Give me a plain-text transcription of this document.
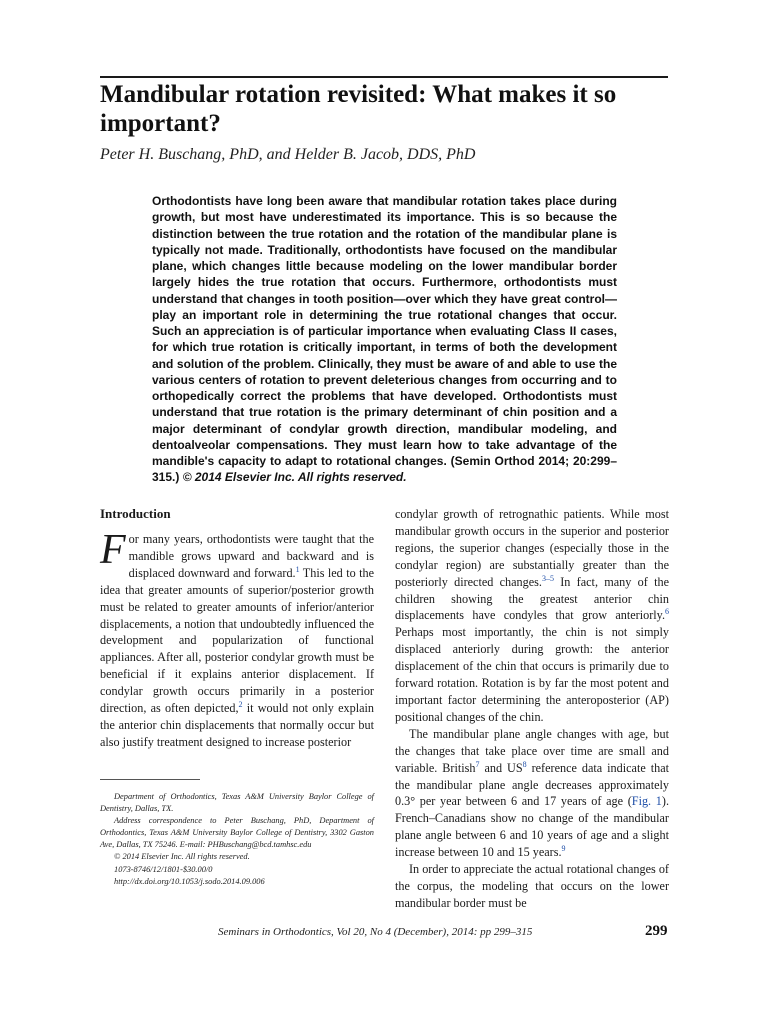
Mandibular rotation revisited: What makes it so important?

Peter H. Buschang, PhD, and Helder B. Jacob, DDS, PhD

Orthodontists have long been aware that mandibular rotation takes place during growth, but most have underestimated its importance. This is so because the distinction between the true rotation and the rotation of the mandibular plane is typically not made. Traditionally, orthodontists have focused on the mandibular plane, which changes little because modeling on the lower mandibular border largely hides the true rotation that occurs. Furthermore, orthodontists must understand that changes in tooth position—over which they have great control—play an important role in determining the true rotational changes that occur. Such an appreciation is of particular importance when evaluating Class II cases, for which true rotation is critically important, in terms of both the development and solution of the problem. Clinically, they must be aware of and able to use the various centers of rotation to prevent deleterious changes from occurring and to orthopedically correct the problems that have developed. Orthodontists must understand that true rotation is the primary determinant of chin position and a major determinant of condylar growth direction, mandibular modeling, and dentoalveolar compensations. They must learn how to take advantage of the mandible's capacity to adapt to rotational changes. (Semin Orthod 2014; 20:299–315.) © 2014 Elsevier Inc. All rights reserved.

Introduction

For many years, orthodontists were taught that the mandible grows upward and backward and is displaced downward and forward.$^1$ This led to the idea that greater amounts of superior/posterior growth must be related to greater amounts of inferior/anterior displacements, a notion that undoubtedly influenced the development and popularization of functional appliances. After all, posterior condylar growth must be beneficial if it explains anterior displacement. If condylar growth occurs primarily in a posterior direction, as often depicted,$^2$ it would not only explain the anterior chin displacements that normally occur but also justify treatment designed to increase posterior

Department of Orthodontics, Texas A&M University Baylor College of Dentistry, Dallas, TX.

Address correspondence to Peter Buschang, PhD, Department of Orthodontics, Texas A&M University Baylor College of Dentistry, 3302 Gaston Ave, Dallas, TX 75246. E-mail: PHBuschang@bcd.tamhsc.edu

© 2014 Elsevier Inc. All rights reserved.

1073-8746/12/1801-$30.00/0

http://dx.doi.org/10.1053/j.sodo.2014.09.006

condylar growth of retrognathic patients. While most mandibular growth occurs in the superior and posterior regions, the superior changes (especially those in the condylar region) are substantially greater than the posteriorly directed changes.$^{3-5}$ In fact, many of the children showing the greatest anterior chin displacements have condyles that grow anteriorly.$^6$ Perhaps most importantly, the chin is not simply displaced anteriorly during growth: the anterior displacement of the chin that occurs is primarily due to forward rotation. Rotation is by far the most potent and important factor determining the anteroposterior (AP) positional changes of the chin.

The mandibular plane angle changes with age, but the changes that take place over time are small and variable. British$^7$ and $US^8$ reference data indicate that the mandibular plane angle decreases approximately 0.3° per year between 6 and 17 years of age (Fig. 1). French–Canadians show no change of the mandibular plane angle between 6 and 10 years of age and a slight increase between 10 and 15 years.$^9$

In order to appreciate the actual rotational changes of the corpus, the modeling that occurs on the lower mandibular border must be

Seminars in Orthodontics, Vol 20, No 4 (December), 2014: pp 299–315	299
